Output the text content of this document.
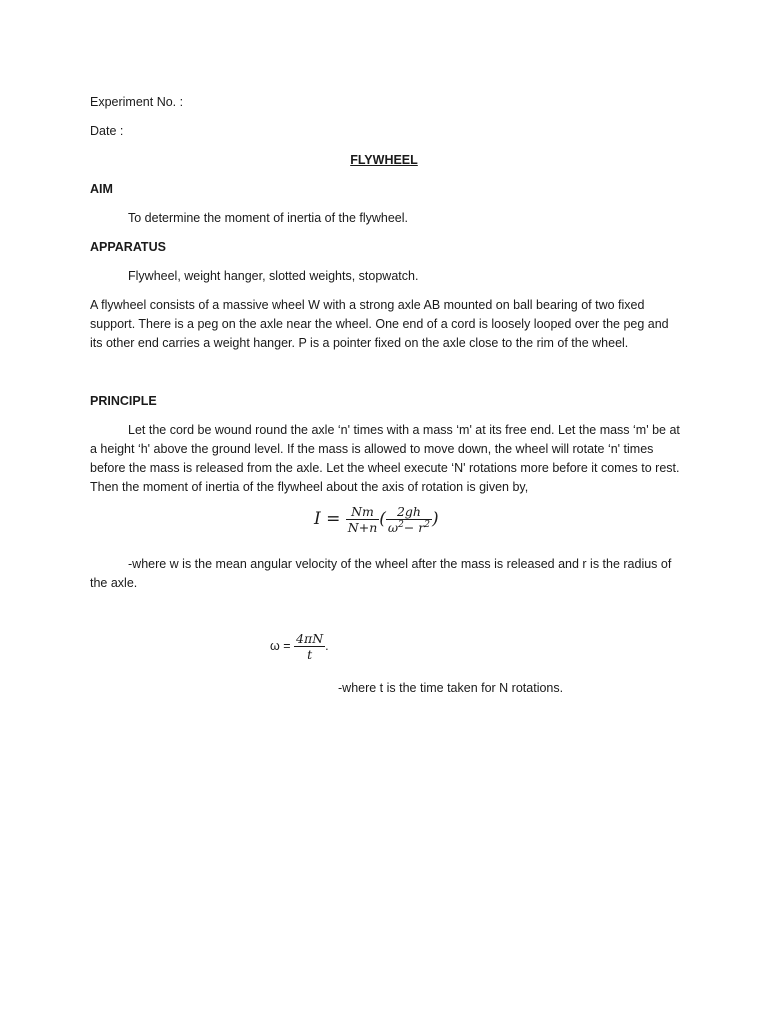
Experiment No. :
Date :
FLYWHEEL
AIM
To determine the moment of inertia of the flywheel.
APPARATUS
Flywheel, weight hanger, slotted weights, stopwatch.
A flywheel consists of a massive wheel W with a strong axle AB mounted on ball bearing of two fixed support. There is a peg on the axle near the wheel. One end of a cord is loosely looped over the peg and its other end carries a weight hanger. P is a pointer fixed on the axle close to the rim of the wheel.
PRINCIPLE
Let the cord be wound round the axle ‘n' times with a mass ‘m' at its free end. Let the mass ‘m' be at a height ‘h' above the ground level. If the mass is allowed to move down, the wheel will rotate ‘n' times before the mass is released from the axle. Let the wheel execute ‘N' rotations more before it comes to rest. Then the moment of inertia of the flywheel about the axis of rotation is given by,
$I = \frac{Nm}{N+n}$ ( $\frac{2gh}{\omega^2- r^2}$ )
-where w is the mean angular velocity of the wheel after the mass is released and r is the radius of the axle.
$\omega = \frac{4\pi N}{t}$ .
-where t is the time taken for N rotations.
